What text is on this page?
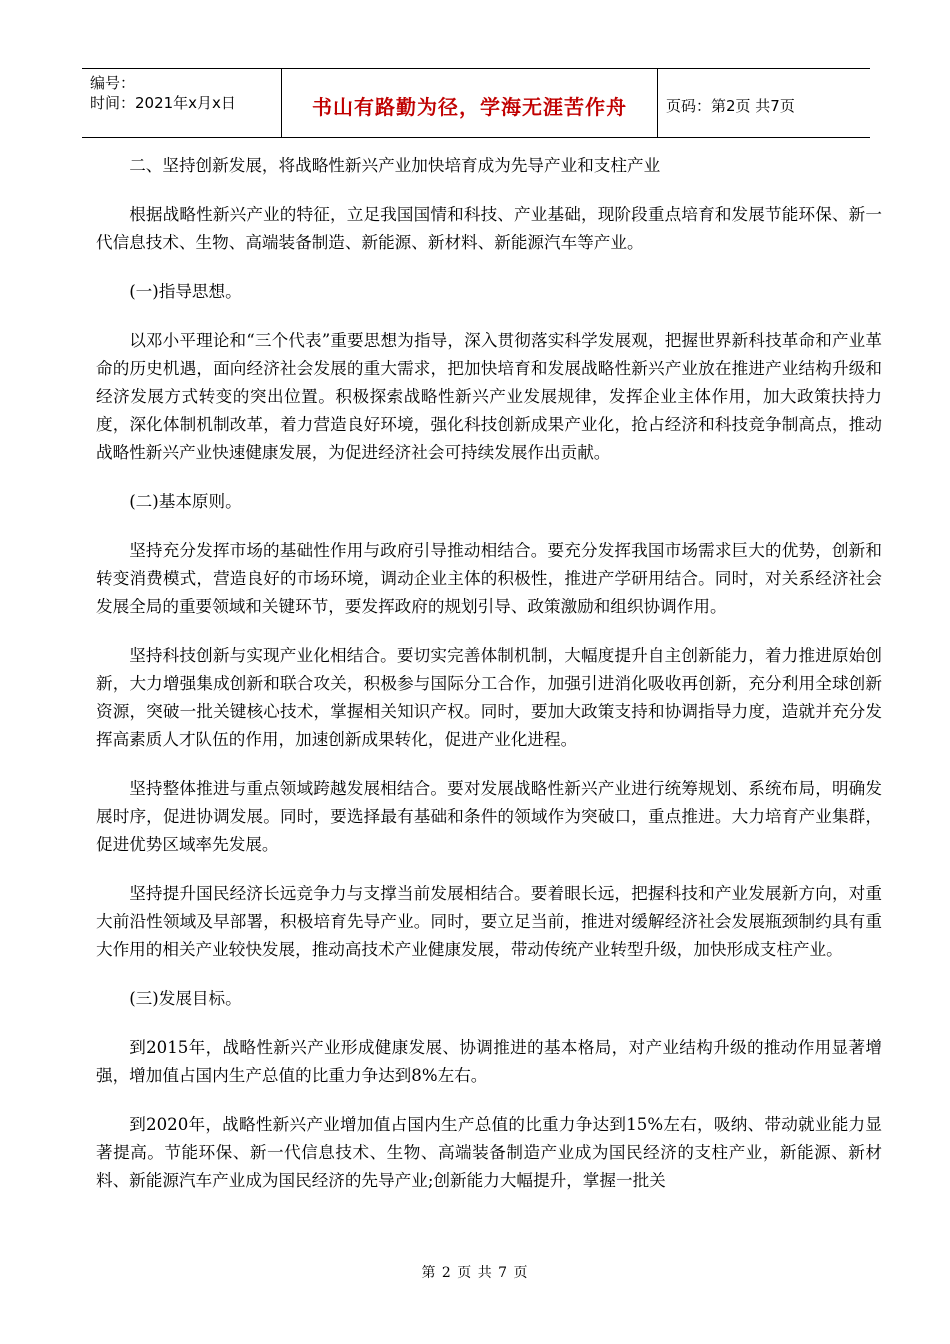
编号：
时间：2021年x月x日	书山有路勤为径，学海无涯苦作舟	页码：第2页 共7页

二、坚持创新发展，将战略性新兴产业加快培育成为先导产业和支柱产业

根据战略性新兴产业的特征，立足我国国情和科技、产业基础，现阶段重点培育和发展节能环保、新一代信息技术、生物、高端装备制造、新能源、新材料、新能源汽车等产业。

(一)指导思想。

以邓小平理论和“三个代表”重要思想为指导，深入贯彻落实科学发展观，把握世界新科技革命和产业革命的历史机遇，面向经济社会发展的重大需求，把加快培育和发展战略性新兴产业放在推进产业结构升级和经济发展方式转变的突出位置。积极探索战略性新兴产业发展规律，发挥企业主体作用，加大政策扶持力度，深化体制机制改革，着力营造良好环境，强化科技创新成果产业化，抢占经济和科技竞争制高点，推动战略性新兴产业快速健康发展，为促进经济社会可持续发展作出贡献。

(二)基本原则。

坚持充分发挥市场的基础性作用与政府引导推动相结合。要充分发挥我国市场需求巨大的优势，创新和转变消费模式，营造良好的市场环境，调动企业主体的积极性，推进产学研用结合。同时，对关系经济社会发展全局的重要领域和关键环节，要发挥政府的规划引导、政策激励和组织协调作用。

坚持科技创新与实现产业化相结合。要切实完善体制机制，大幅度提升自主创新能力，着力推进原始创新，大力增强集成创新和联合攻关，积极参与国际分工合作，加强引进消化吸收再创新，充分利用全球创新资源，突破一批关键核心技术，掌握相关知识产权。同时，要加大政策支持和协调指导力度，造就并充分发挥高素质人才队伍的作用，加速创新成果转化，促进产业化进程。

坚持整体推进与重点领域跨越发展相结合。要对发展战略性新兴产业进行统筹规划、系统布局，明确发展时序，促进协调发展。同时，要选择最有基础和条件的领域作为突破口，重点推进。大力培育产业集群，促进优势区域率先发展。

坚持提升国民经济长远竞争力与支撑当前发展相结合。要着眼长远，把握科技和产业发展新方向，对重大前沿性领域及早部署，积极培育先导产业。同时，要立足当前，推进对缓解经济社会发展瓶颈制约具有重大作用的相关产业较快发展，推动高技术产业健康发展，带动传统产业转型升级，加快形成支柱产业。

(三)发展目标。

到2015年，战略性新兴产业形成健康发展、协调推进的基本格局，对产业结构升级的推动作用显著增强，增加值占国内生产总值的比重力争达到8%左右。

到2020年，战略性新兴产业增加值占国内生产总值的比重力争达到15%左右，吸纳、带动就业能力显著提高。节能环保、新一代信息技术、生物、高端装备制造产业成为国民经济的支柱产业，新能源、新材料、新能源汽车产业成为国民经济的先导产业;创新能力大幅提升，掌握一批关

第 2 页 共 7 页
